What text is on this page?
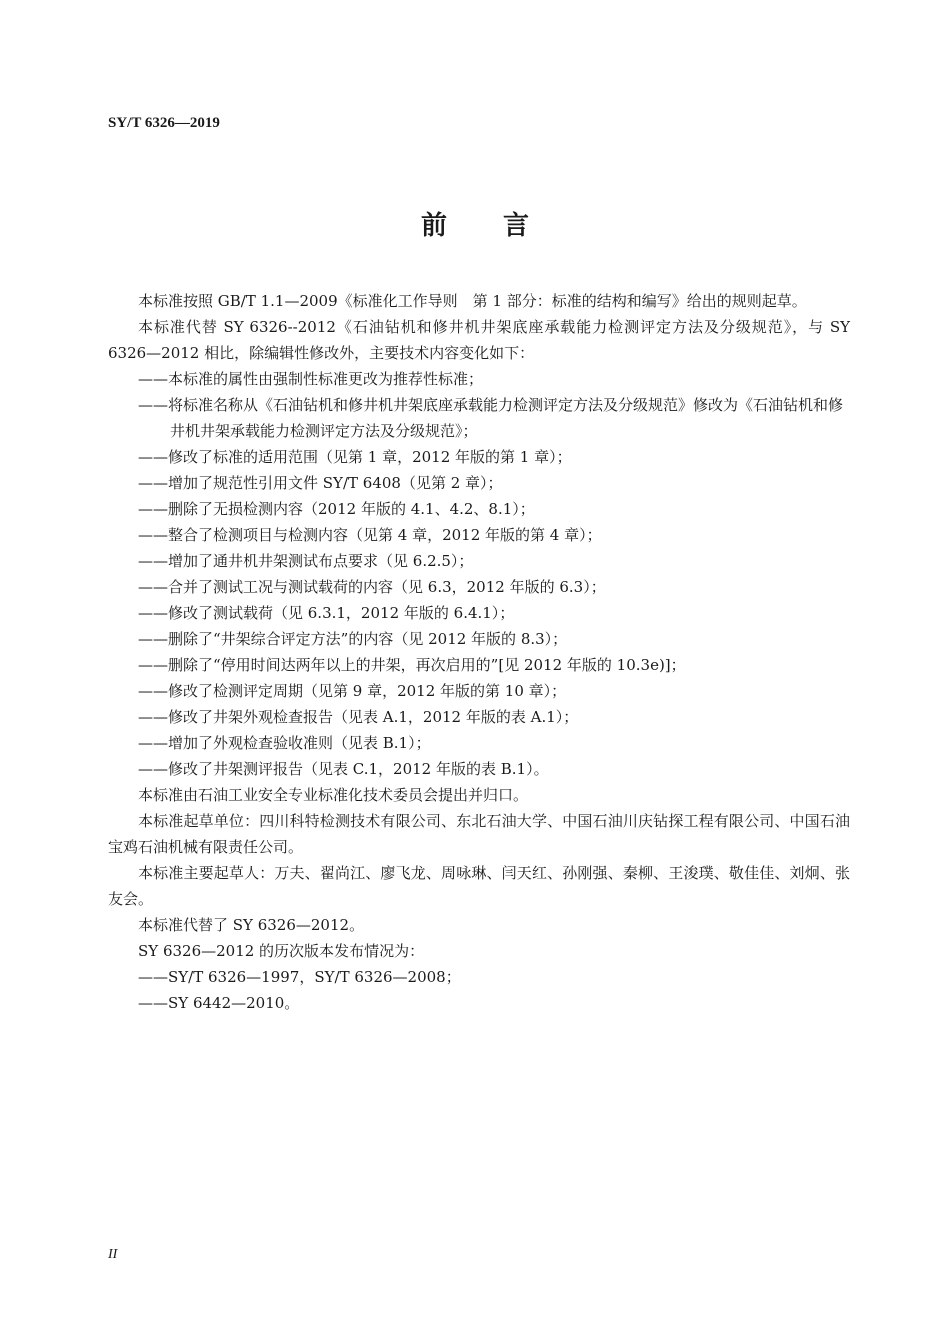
SY/T 6326—2019
前言

本标准按照 GB/T 1.1—2009《标准化工作导则　第 1 部分：标准的结构和编写》给出的规则起草。

本标准代替 SY 6326--2012《石油钻机和修井机井架底座承载能力检测评定方法及分级规范》，与 SY 6326—2012 相比，除编辑性修改外，主要技术内容变化如下：

——本标准的属性由强制性标准更改为推荐性标准；

——将标准名称从《石油钻机和修井机井架底座承载能力检测评定方法及分级规范》修改为《石油钻机和修井机井架承载能力检测评定方法及分级规范》；

——修改了标准的适用范围（见第 1 章，2012 年版的第 1 章）；

——增加了规范性引用文件 SY/T 6408（见第 2 章）；

——删除了无损检测内容（2012 年版的 4.1、4.2、8.1）；

——整合了检测项目与检测内容（见第 4 章，2012 年版的第 4 章）；

——增加了通井机井架测试布点要求（见 6.2.5）；

——合并了测试工况与测试载荷的内容（见 6.3，2012 年版的 6.3）；

——修改了测试载荷（见 6.3.1，2012 年版的 6.4.1）；

——删除了“井架综合评定方法”的内容（见 2012 年版的 8.3）；

——删除了“停用时间达两年以上的井架，再次启用的”[见 2012 年版的 10.3e)]；

——修改了检测评定周期（见第 9 章，2012 年版的第 10 章）；

——修改了井架外观检查报告（见表 A.1，2012 年版的表 A.1）；

——增加了外观检查验收准则（见表 B.1）；

——修改了井架测评报告（见表 C.1，2012 年版的表 B.1）。

本标准由石油工业安全专业标准化技术委员会提出并归口。

本标准起草单位：四川科特检测技术有限公司、东北石油大学、中国石油川庆钻探工程有限公司、中国石油宝鸡石油机械有限责任公司。

本标准主要起草人：万夫、翟尚江、廖飞龙、周咏琳、闫天红、孙刚强、秦柳、王浚璞、敬佳佳、刘炯、张友会。

本标准代替了 SY 6326—2012。

SY 6326—2012 的历次版本发布情况为：

——SY/T 6326—1997，SY/T 6326—2008；

——SY 6442—2010。

II
